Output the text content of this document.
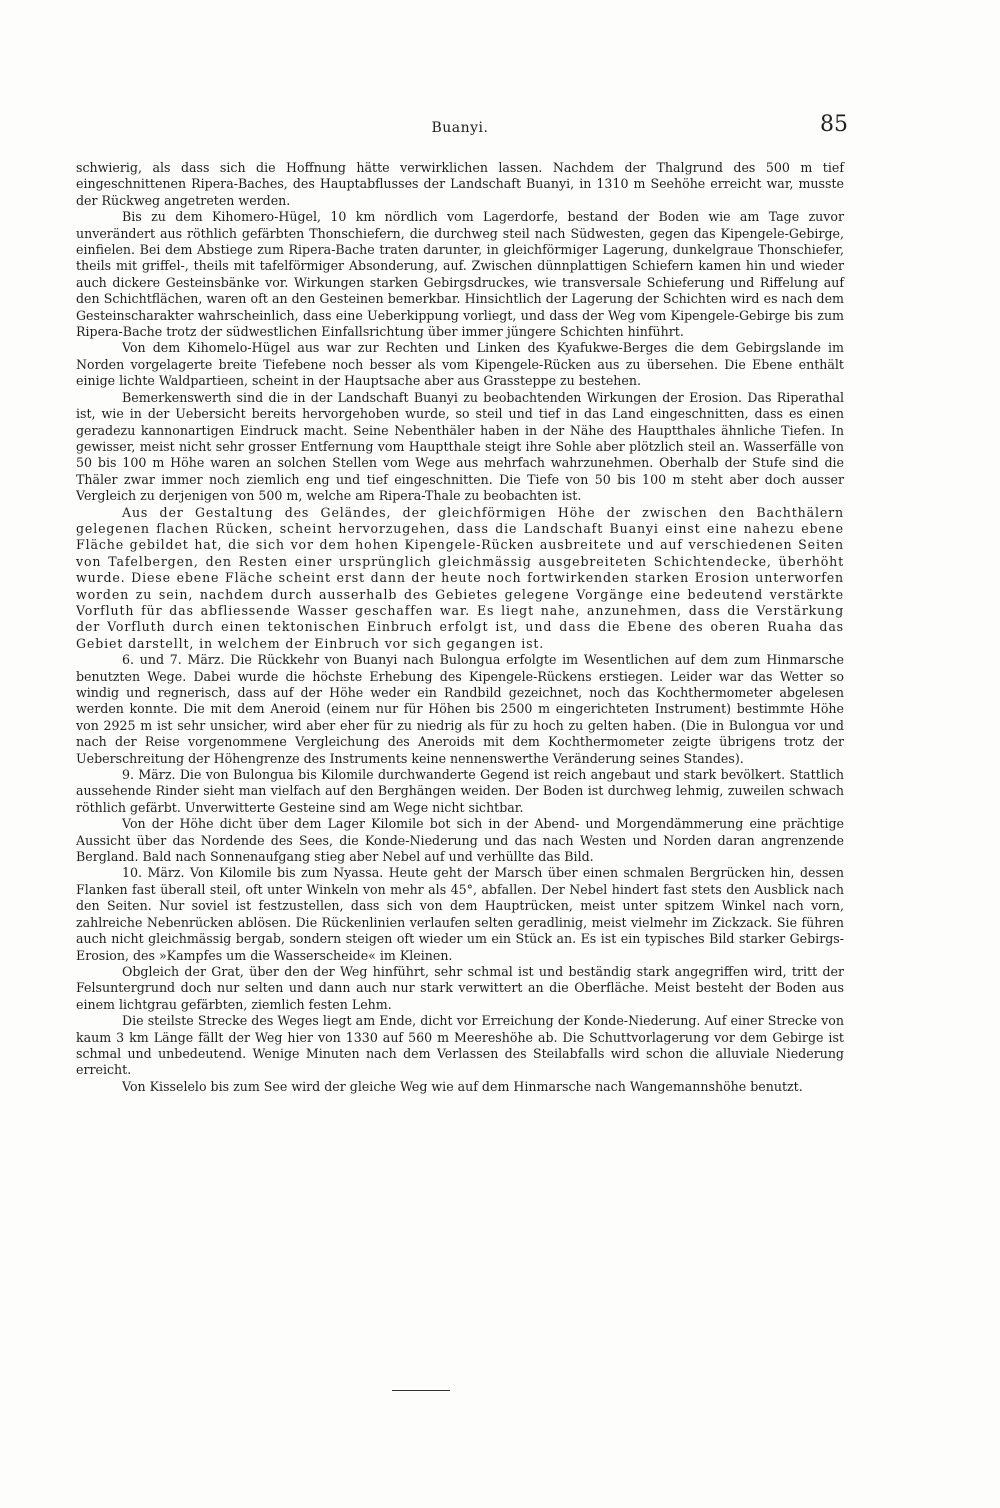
Buanyi.	85

schwierig, als dass sich die Hoffnung hätte verwirklichen lassen. Nachdem der Thalgrund des 500 m tief eingeschnittenen Ripera-Baches, des Hauptabflusses der Landschaft Buanyi, in 1310 m Seehöhe erreicht war, musste der Rückweg angetreten werden.

Bis zu dem Kihomero-Hügel, 10 km nördlich vom Lagerdorfe, bestand der Boden wie am Tage zuvor unverändert aus röthlich gefärbten Thonschiefern, die durchweg steil nach Südwesten, gegen das Kipengele-Gebirge, einfielen. Bei dem Abstiege zum Ripera-Bache traten darunter, in gleichförmiger Lagerung, dunkelgraue Thonschiefer, theils mit griffel-, theils mit tafelförmiger Absonderung, auf. Zwischen dünnplattigen Schiefern kamen hin und wieder auch dickere Gesteinsbänke vor. Wirkungen starken Gebirgsdruckes, wie transversale Schieferung und Riffelung auf den Schichtflächen, waren oft an den Gesteinen bemerkbar. Hinsichtlich der Lagerung der Schichten wird es nach dem Gesteinscharakter wahrscheinlich, dass eine Ueberkippung vorliegt, und dass der Weg vom Kipengele-Gebirge bis zum Ripera-Bache trotz der südwestlichen Einfallsrichtung über immer jüngere Schichten hinführt.

Von dem Kihomelo-Hügel aus war zur Rechten und Linken des Kyafukwe-Berges die dem Gebirgslande im Norden vorgelagerte breite Tiefebene noch besser als vom Kipengele-Rücken aus zu übersehen. Die Ebene enthält einige lichte Waldpartieen, scheint in der Hauptsache aber aus Grassteppe zu bestehen.

Bemerkenswerth sind die in der Landschaft Buanyi zu beobachtenden Wirkungen der Erosion. Das Riperathal ist, wie in der Uebersicht bereits hervorgehoben wurde, so steil und tief in das Land eingeschnitten, dass es einen geradezu kannonartigen Eindruck macht. Seine Nebenthäler haben in der Nähe des Hauptthales ähnliche Tiefen. In gewisser, meist nicht sehr grosser Entfernung vom Hauptthale steigt ihre Sohle aber plötzlich steil an. Wasserfälle von 50 bis 100 m Höhe waren an solchen Stellen vom Wege aus mehrfach wahrzunehmen. Oberhalb der Stufe sind die Thäler zwar immer noch ziemlich eng und tief eingeschnitten. Die Tiefe von 50 bis 100 m steht aber doch ausser Vergleich zu derjenigen von 500 m, welche am Ripera-Thale zu beobachten ist.

Aus der Gestaltung des Geländes, der gleichförmigen Höhe der zwischen den Bachthälern gelegenen flachen Rücken, scheint hervorzugehen, dass die Landschaft Buanyi einst eine nahezu ebene Fläche gebildet hat, die sich vor dem hohen Kipengele-Rücken ausbreitete und auf verschiedenen Seiten von Tafelbergen, den Resten einer ursprünglich gleichmässig ausgebreiteten Schichtendecke, überhöht wurde. Diese ebene Fläche scheint erst dann der heute noch fortwirkenden starken Erosion unterworfen worden zu sein, nachdem durch ausserhalb des Gebietes gelegene Vorgänge eine bedeutend verstärkte Vorfluth für das abfliessende Wasser geschaffen war. Es liegt nahe, anzunehmen, dass die Verstärkung der Vorfluth durch einen tektonischen Einbruch erfolgt ist, und dass die Ebene des oberen Ruaha das Gebiet darstellt, in welchem der Einbruch vor sich gegangen ist.

6. und 7. März. Die Rückkehr von Buanyi nach Bulongua erfolgte im Wesentlichen auf dem zum Hinmarsche benutzten Wege. Dabei wurde die höchste Erhebung des Kipengele-Rückens erstiegen. Leider war das Wetter so windig und regnerisch, dass auf der Höhe weder ein Randbild gezeichnet, noch das Kochthermometer abgelesen werden konnte. Die mit dem Aneroid (einem nur für Höhen bis 2500 m eingerichteten Instrument) bestimmte Höhe von 2925 m ist sehr unsicher, wird aber eher für zu niedrig als für zu hoch zu gelten haben. (Die in Bulongua vor und nach der Reise vorgenommene Vergleichung des Aneroids mit dem Kochthermometer zeigte übrigens trotz der Ueberschreitung der Höhengrenze des Instruments keine nennenswerthe Veränderung seines Standes).

9. März. Die von Bulongua bis Kilomile durchwanderte Gegend ist reich angebaut und stark bevölkert. Stattlich aussehende Rinder sieht man vielfach auf den Berghängen weiden. Der Boden ist durchweg lehmig, zuweilen schwach röthlich gefärbt. Unverwitterte Gesteine sind am Wege nicht sichtbar.

Von der Höhe dicht über dem Lager Kilomile bot sich in der Abend- und Morgendämmerung eine prächtige Aussicht über das Nordende des Sees, die Konde-Niederung und das nach Westen und Norden daran angrenzende Bergland. Bald nach Sonnenaufgang stieg aber Nebel auf und verhüllte das Bild.

10. März. Von Kilomile bis zum Nyassa. Heute geht der Marsch über einen schmalen Bergrücken hin, dessen Flanken fast überall steil, oft unter Winkeln von mehr als 45°, abfallen. Der Nebel hindert fast stets den Ausblick nach den Seiten. Nur soviel ist festzustellen, dass sich von dem Hauptrücken, meist unter spitzem Winkel nach vorn, zahlreiche Nebenrücken ablösen. Die Rückenlinien verlaufen selten geradlinig, meist vielmehr im Zickzack. Sie führen auch nicht gleichmässig bergab, sondern steigen oft wieder um ein Stück an. Es ist ein typisches Bild starker Gebirgs-Erosion, des »Kampfes um die Wasserscheide« im Kleinen.

Obgleich der Grat, über den der Weg hinführt, sehr schmal ist und beständig stark angegriffen wird, tritt der Felsuntergrund doch nur selten und dann auch nur stark verwittert an die Oberfläche. Meist besteht der Boden aus einem lichtgrau gefärbten, ziemlich festen Lehm.

Die steilste Strecke des Weges liegt am Ende, dicht vor Erreichung der Konde-Niederung. Auf einer Strecke von kaum 3 km Länge fällt der Weg hier von 1330 auf 560 m Meereshöhe ab. Die Schuttvorlagerung vor dem Gebirge ist schmal und unbedeutend. Wenige Minuten nach dem Verlassen des Steilabfalls wird schon die alluviale Niederung erreicht.

Von Kisselelo bis zum See wird der gleiche Weg wie auf dem Hinmarsche nach Wangemannshöhe benutzt.
